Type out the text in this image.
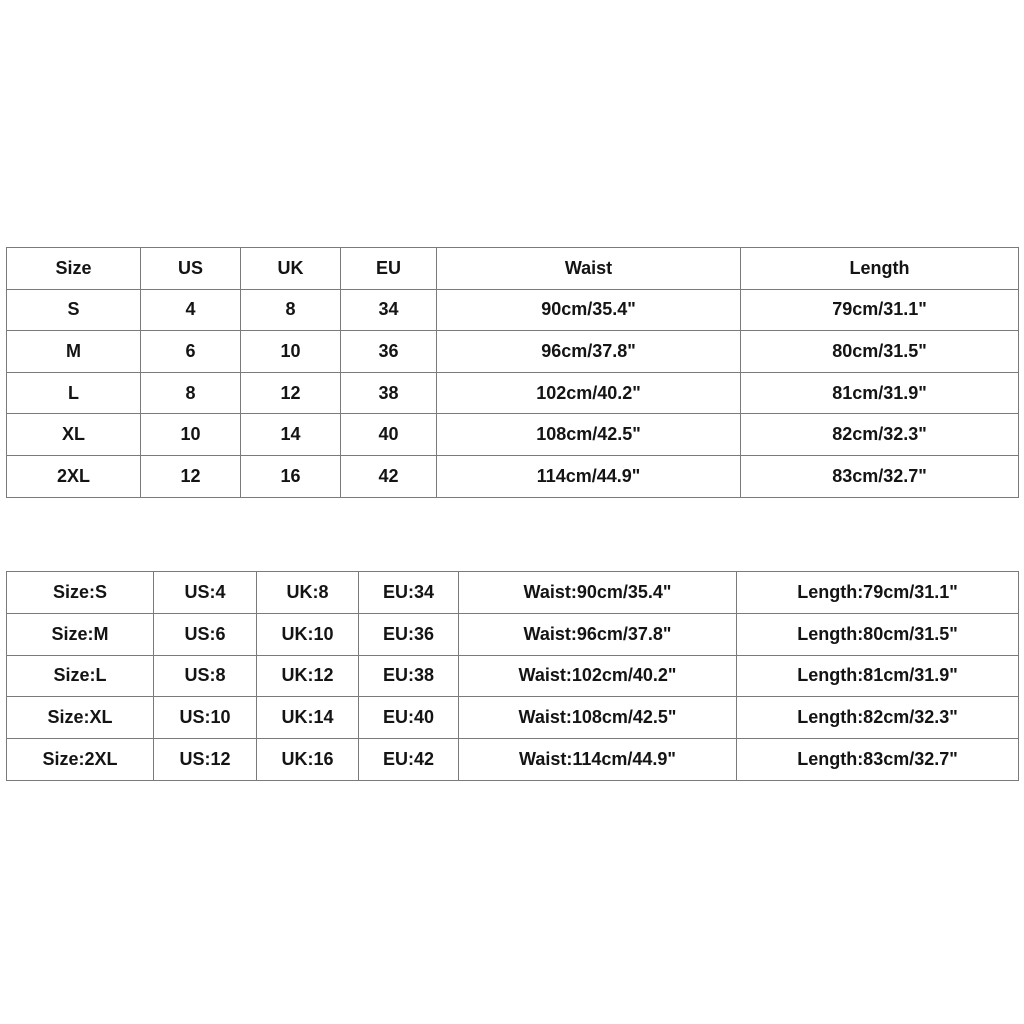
Size	US	UK	EU	Waist	Length
S	4	8	34	90cm/35.4"	79cm/31.1"
M	6	10	36	96cm/37.8"	80cm/31.5"
L	8	12	38	102cm/40.2"	81cm/31.9"
XL	10	14	40	108cm/42.5"	82cm/32.3"
2XL	12	16	42	114cm/44.9"	83cm/32.7"
Size:S	US:4	UK:8	EU:34	Waist:90cm/35.4"	Length:79cm/31.1"
Size:M	US:6	UK:10	EU:36	Waist:96cm/37.8"	Length:80cm/31.5"
Size:L	US:8	UK:12	EU:38	Waist:102cm/40.2"	Length:81cm/31.9"
Size:XL	US:10	UK:14	EU:40	Waist:108cm/42.5"	Length:82cm/32.3"
Size:2XL	US:12	UK:16	EU:42	Waist:114cm/44.9"	Length:83cm/32.7"
